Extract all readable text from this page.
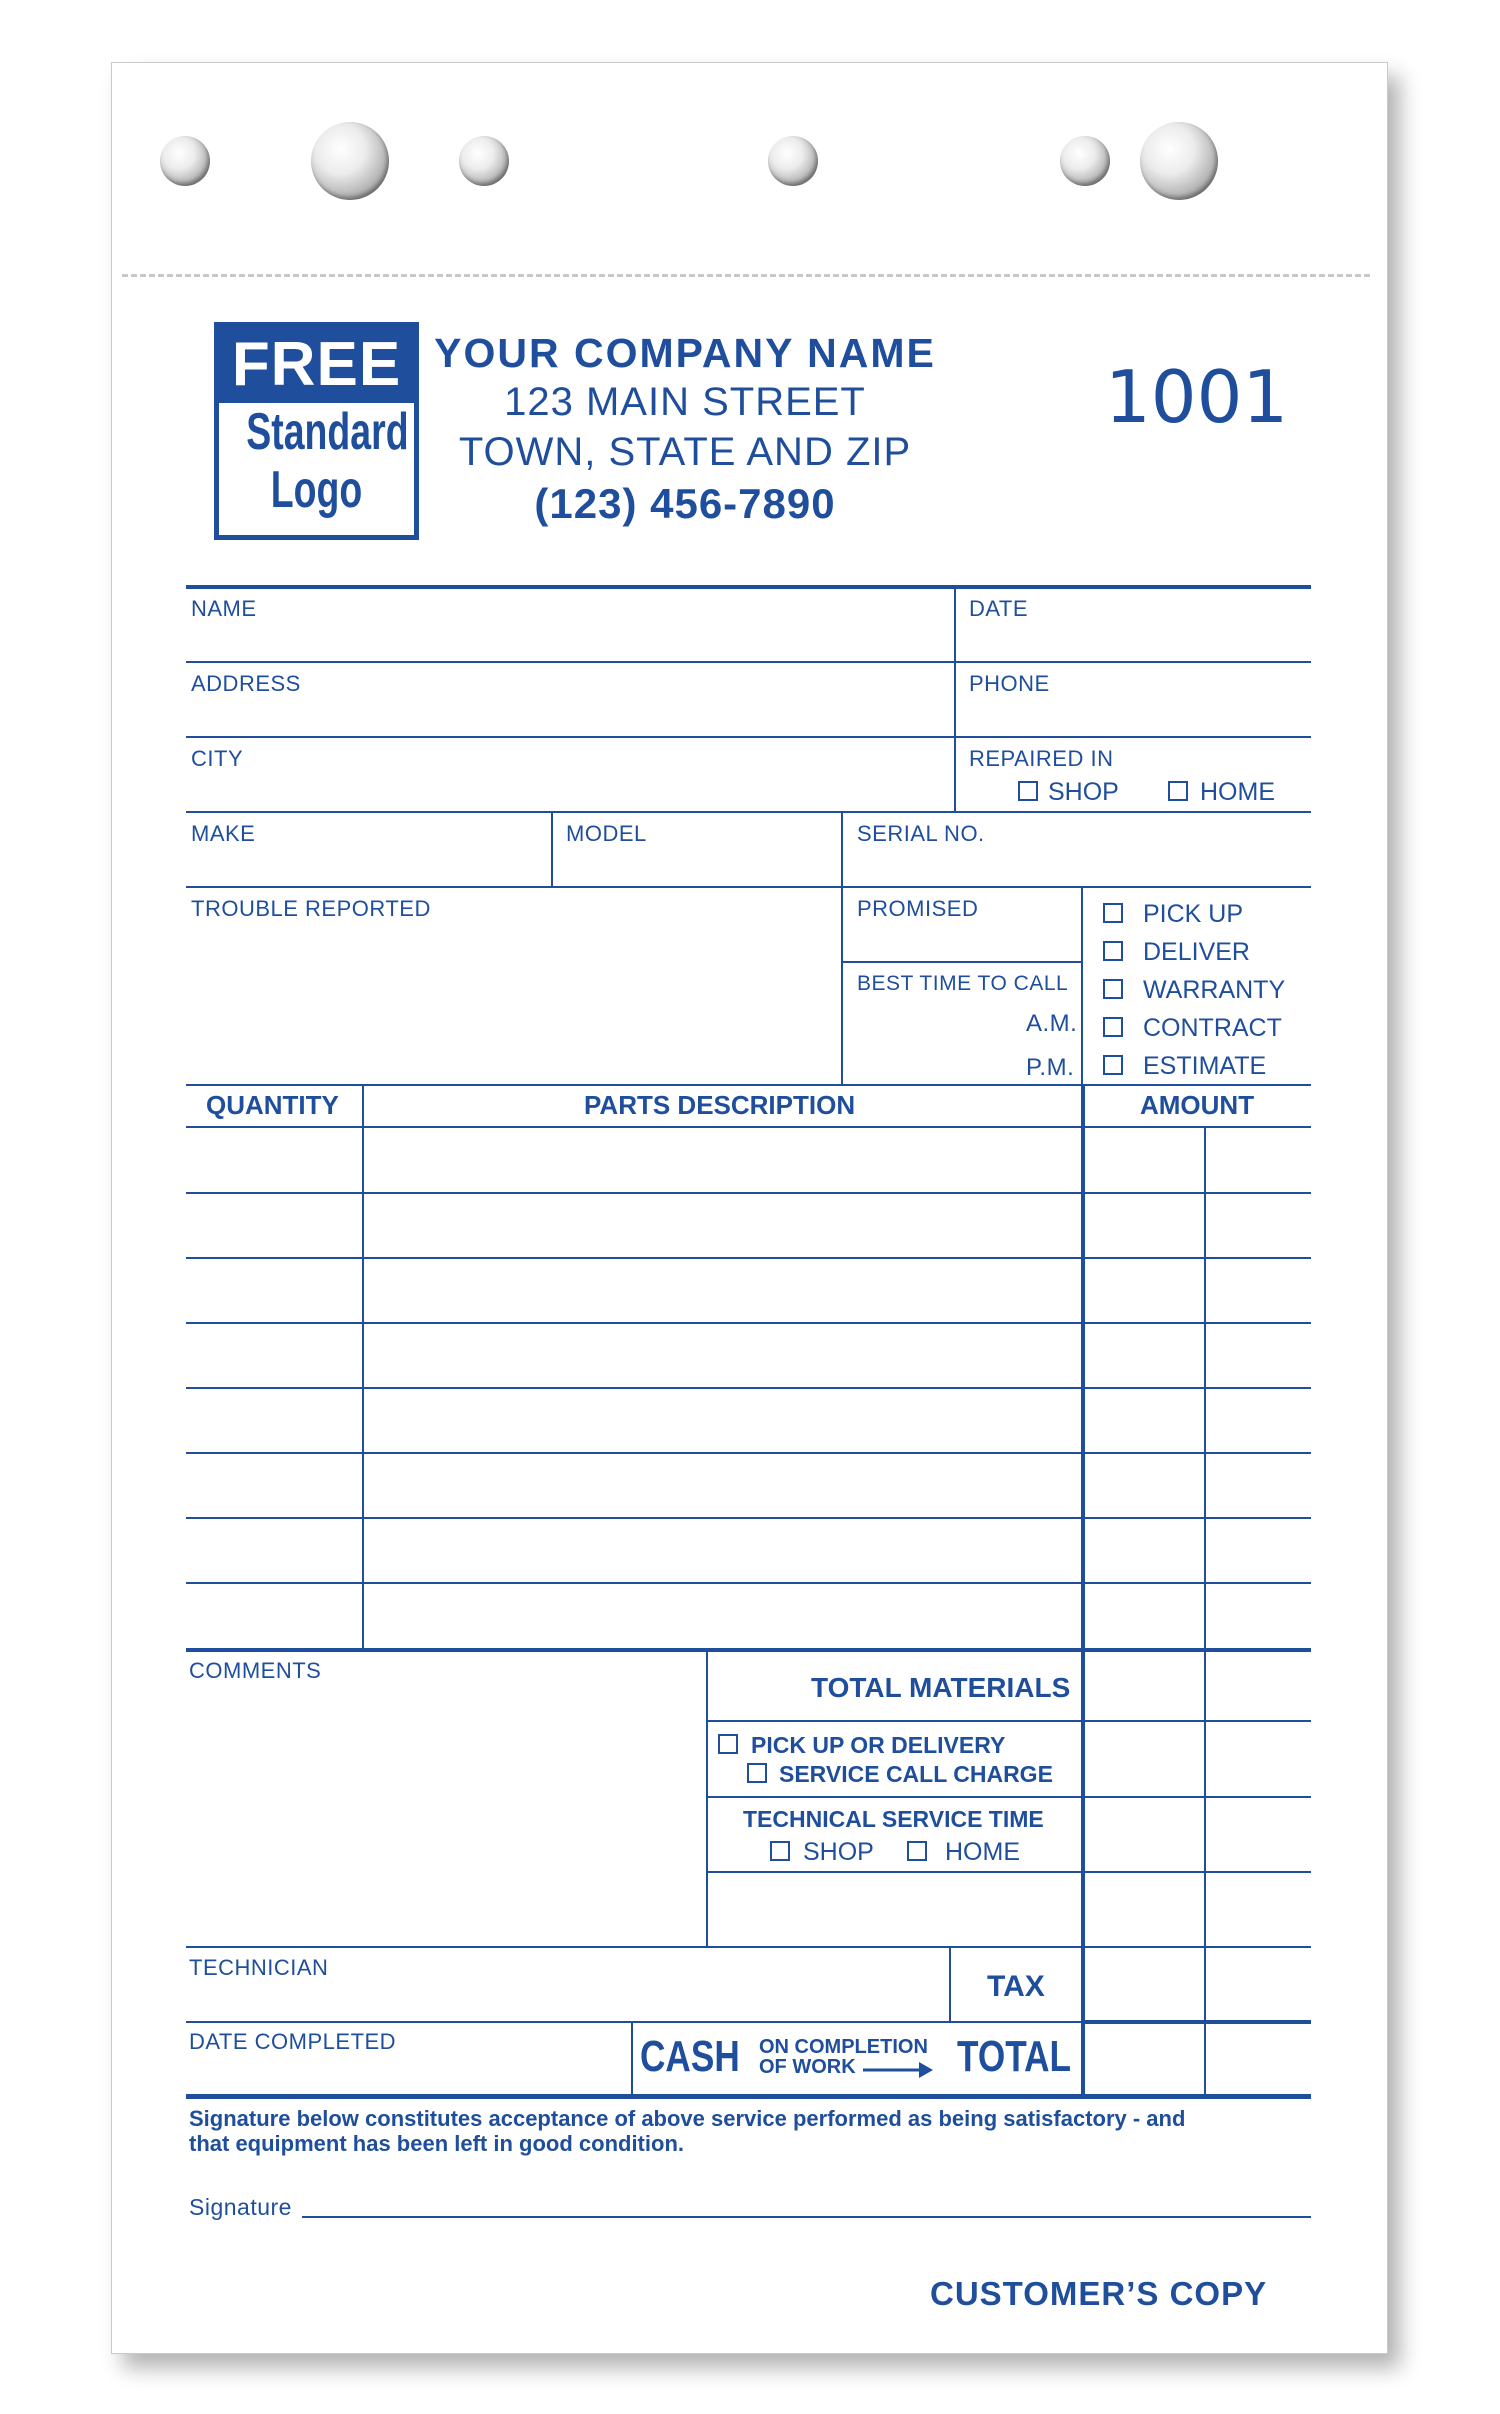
FREE
Standard
Logo
YOUR COMPANY NAME
123 MAIN STREET
TOWN, STATE AND ZIP
(123) 456-7890
1001
NAME	DATE
ADDRESS	PHONE
CITY	REPAIRED IN
SHOP	HOME
MAKE	MODEL	SERIAL NO.
TROUBLE REPORTED	PROMISED
BEST TIME TO CALL
A.M.
P.M.
PICK UP
DELIVER
WARRANTY
CONTRACT
ESTIMATE
QUANTITY	PARTS DESCRIPTION	AMOUNT
COMMENTS
TOTAL MATERIALS
PICK UP OR DELIVERY
SERVICE CALL CHARGE
TECHNICAL SERVICE TIME
SHOP	HOME
TECHNICIAN
TAX
DATE COMPLETED	CASH ON COMPLETION
OF WORK TOTAL
Signature below constitutes acceptance of above service performed as being satisfactory - and
that equipment has been left in good condition.
Signature
CUSTOMER’S COPY
